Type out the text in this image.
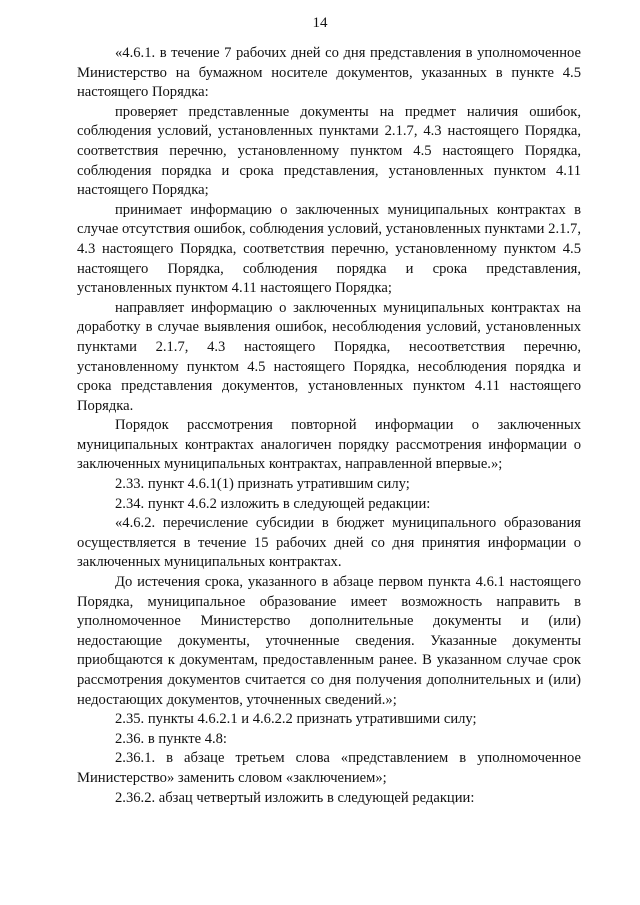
14

«4.6.1. в течение 7 рабочих дней со дня представления в уполномоченное Министерство на бумажном носителе документов, указанных в пункте 4.5 настоящего Порядка:

проверяет представленные документы на предмет наличия ошибок, соблюдения условий, установленных пунктами 2.1.7, 4.3 настоящего Порядка, соответствия перечню, установленному пунктом 4.5 настоящего Порядка, соблюдения порядка и срока представления, установленных пунктом 4.11 настоящего Порядка;

принимает информацию о заключенных муниципальных контрактах в случае отсутствия ошибок, соблюдения условий, установленных пунктами 2.1.7, 4.3 настоящего Порядка, соответствия перечню, установленному пунктом 4.5 настоящего Порядка, соблюдения порядка и срока представления, установленных пунктом 4.11 настоящего Порядка;

направляет информацию о заключенных муниципальных контрактах на доработку в случае выявления ошибок, несоблюдения условий, установленных пунктами 2.1.7, 4.3 настоящего Порядка, несоответствия перечню, установленному пунктом 4.5 настоящего Порядка, несоблюдения порядка и срока представления документов, установленных пунктом 4.11 настоящего Порядка.

Порядок рассмотрения повторной информации о заключенных муниципальных контрактах аналогичен порядку рассмотрения информации о заключенных муниципальных контрактах, направленной впервые.»;

2.33. пункт 4.6.1(1) признать утратившим силу;

2.34. пункт 4.6.2 изложить в следующей редакции:

«4.6.2. перечисление субсидии в бюджет муниципального образования осуществляется в течение 15 рабочих дней со дня принятия информации о заключенных муниципальных контрактах.

До истечения срока, указанного в абзаце первом пункта 4.6.1 настоящего Порядка, муниципальное образование имеет возможность направить в уполномоченное Министерство дополнительные документы и (или) недостающие документы, уточненные сведения. Указанные документы приобщаются к документам, предоставленным ранее. В указанном случае срок рассмотрения документов считается со дня получения дополнительных и (или) недостающих документов, уточненных сведений.»;

2.35. пункты 4.6.2.1 и 4.6.2.2 признать утратившими силу;

2.36. в пункте 4.8:

2.36.1. в абзаце третьем слова «представлением в уполномоченное Министерство» заменить словом «заключением»;

2.36.2. абзац четвертый изложить в следующей редакции:
